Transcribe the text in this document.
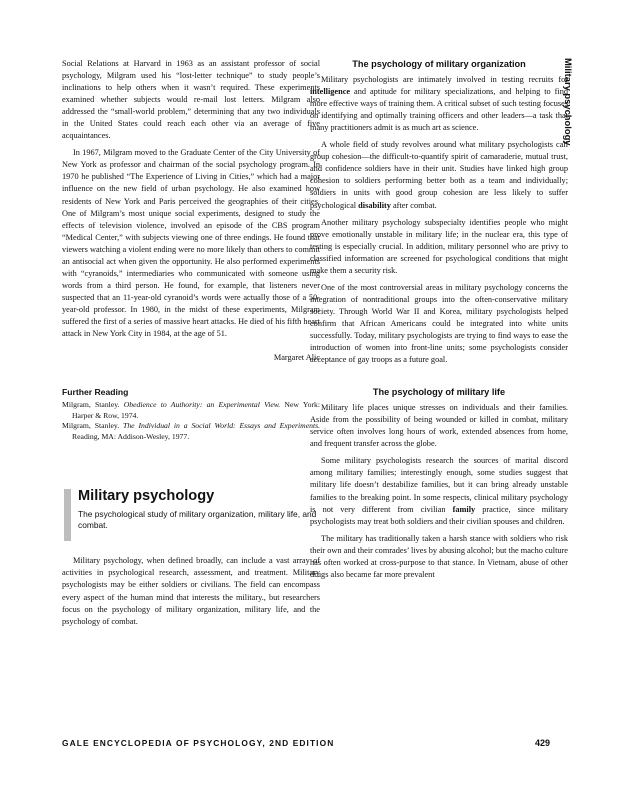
Military psychology

Social Relations at Harvard in 1963 as an assistant professor of social psychology, Milgram used his “lost-letter technique” to study people’s inclinations to help others when it wasn’t required. These experiments examined whether subjects would re-mail lost letters. Milgram also addressed the “small-world problem,” determining that any two individuals in the United States could reach each other via an average of five acquaintances.

In 1967, Milgram moved to the Graduate Center of the City University of New York as professor and chairman of the social psychology program. In 1970 he published “The Experience of Living in Cities,” which had a major influence on the new field of urban psychology. He also examined how residents of New York and Paris perceived the geographies of their cities. One of Milgram’s most unique social experiments, designed to study the effects of television violence, involved an episode of the CBS program “Medical Center,” with subjects viewing one of three endings. He found that viewers watching a violent ending were no more likely than others to commit an antisocial act when given the opportunity. He also performed experiments with “cyranoids,” intermediaries who communicated with someone using words from a third person. He found, for example, that listeners never suspected that an 11-year-old cyranoid’s words were actually those of a 50-year-old professor. In 1980, in the midst of these experiments, Milgram suffered the first of a series of massive heart attacks. He died of his fifth heart attack in New York City in 1984, at the age of 51.

Margaret Alic
Further Reading

Milgram, Stanley. Obedience to Authority: an Experimental View. New York: Harper & Row, 1974.

Milgram, Stanley. The Individual in a Social World: Essays and Experiments. Reading, MA: Addison-Wesley, 1977.

Military psychology

The psychological study of military organization, military life, and combat.

Military psychology, when defined broadly, can include a vast array of activities in psychological research, assessment, and treatment. Military psychologists may be either soldiers or civilians. The field can encompass every aspect of the human mind that interests the military., but researchers focus on the psychology of military organization, military life, and the psychology of combat.

The psychology of military organization

Military psychologists are intimately involved in testing recruits for intelligence and aptitude for military specializations, and helping to find more effective ways of training them. A critical subset of such testing focuses on identifying and optimally training officers and other leaders—a task that many practitioners admit is as much art as science.

A whole field of study revolves around what military psychologists call group cohesion—the difficult-to-quantify spirit of camaraderie, mutual trust, and confidence soldiers have in their unit. Studies have linked high group cohesion to soldiers performing better both as a team and individually; soldiers in units with good group cohesion are less likely to suffer psychological disability after combat.

Another military psychology subspecialty identifies people who might prove emotionally unstable in military life; in the nuclear era, this type of testing is especially crucial. In addition, military personnel who are privy to classified information are screened for psychological conditions that might make them a security risk.

One of the most controversial areas in military psychology concerns the integration of nontraditional groups into the often-conservative military society. Through World War II and Korea, military psychologists helped confirm that African Americans could be integrated into white units successfully. Today, military psychologists are trying to find ways to ease the introduction of women into front-line units; some psychologists consider acceptance of gay troops as a future goal.

The psychology of military life

Military life places unique stresses on individuals and their families. Aside from the possibility of being wounded or killed in combat, military service often involves long hours of work, extended absences from home, and frequent transfer across the globe.

Some military psychologists research the sources of marital discord among military families; interestingly enough, some studies suggest that military life doesn’t destabilize families, but it can bring already unstable families to the breaking point. In some respects, clinical military psychology is not very different from civilian family practice, since military psychologists may treat both soldiers and their civilian spouses and children.

The military has traditionally taken a harsh stance with soldiers who risk their own and their comrades’ lives by abusing alcohol; but the macho culture has often worked at cross-purpose to that stance. In Vietnam, abuse of other drugs also became far more prevalent

GALE ENCYCLOPEDIA OF PSYCHOLOGY, 2ND EDITION	429
